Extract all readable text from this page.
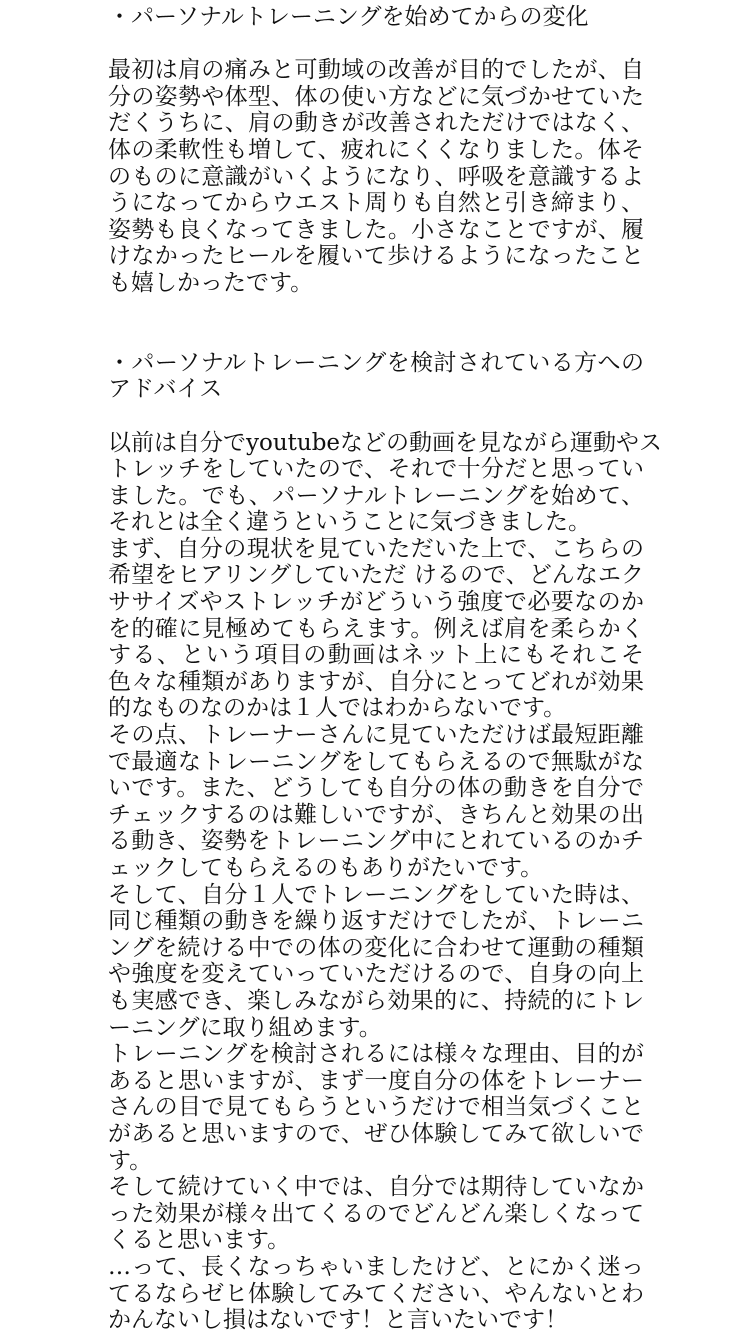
・パーソナルトレーニングを始めてからの変化
最初は肩の痛みと可動域の改善が目的でしたが、自
分の姿勢や体型、体の使い方などに気づかせていた
だくうちに、肩の動きが改善されただけではなく、
体の柔軟性も増して、疲れにくくなりました。体そ
のものに意識がいくようになり、呼吸を意識するよ
うになってからウエスト周りも自然と引き締まり、
姿勢も良くなってきました。小さなことですが、履
けなかったヒールを履いて歩けるようになったこと
も嬉しかったです。
・パーソナルトレーニングを検討されている方への
アドバイス
以前は自分でyoutubeなどの動画を見ながら運動やス
トレッチをしていたので、それで十分だと思ってい
ました。でも、パーソナルトレーニングを始めて、
それとは全く違うということに気づきました。
まず、自分の現状を見ていただいた上で、こちらの
希望をヒアリングしていただ けるので、どんなエク
ササイズやストレッチがどういう強度で必要なのか
を的確に見極めてもらえます。例えば肩を柔らかく
する、という項目の動画はネット上にもそれこそ
色々な種類がありますが、自分にとってどれが効果
的なものなのかは１人ではわからないです。
その点、トレーナーさんに見ていただけば最短距離
で最適なトレーニングをしてもらえるので無駄がな
いです。また、どうしても自分の体の動きを自分で
チェックするのは難しいですが、きちんと効果の出
る動き、姿勢をトレーニング中にとれているのかチ
ェックしてもらえるのもありがたいです。
そして、自分１人でトレーニングをしていた時は、
同じ種類の動きを繰り返すだけでしたが、トレーニ
ングを続ける中での体の変化に合わせて運動の種類
や強度を変えていっていただけるので、自身の向上
も実感でき、楽しみながら効果的に、持続的にトレ
ーニングに取り組めます。
トレーニングを検討されるには様々な理由、目的が
あると思いますが、まず一度自分の体をトレーナー
さんの目で見てもらうというだけで相当気づくこと
があると思いますので、ぜひ体験してみて欲しいで
す。
そして続けていく中では、自分では期待していなか
った効果が様々出てくるのでどんどん楽しくなって
くると思います。
…って、長くなっちゃいましたけど、とにかく迷っ
てるならゼヒ体験してみてください、やんないとわ
かんないし損はないです！と言いたいです！
